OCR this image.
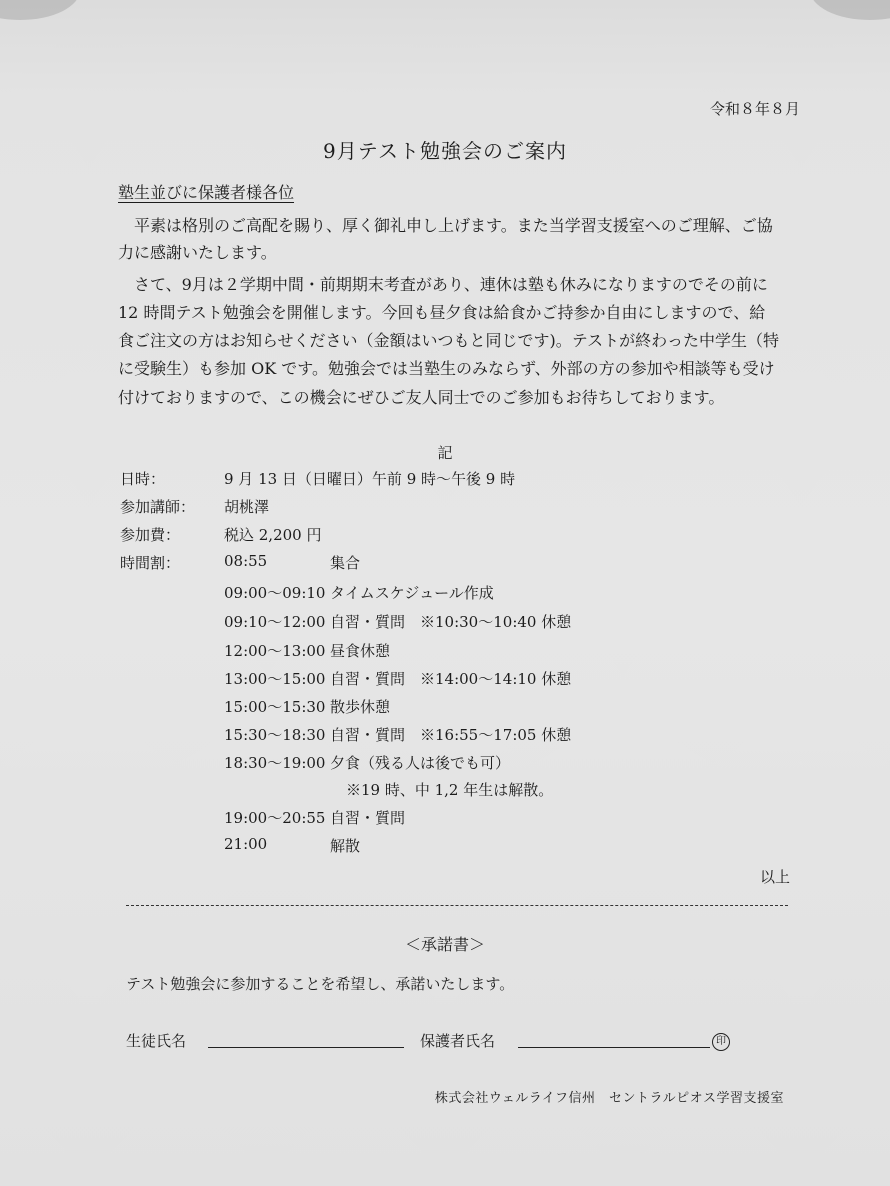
令和８年８月
9月テスト勉強会のご案内
塾生並びに保護者様各位
　平素は格別のご高配を賜り、厚く御礼申し上げます。また当学習支援室へのご理解、ご協
力に感謝いたします。
　さて、9月は２学期中間・前期期末考査があり、連休は塾も休みになりますのでその前に
12 時間テスト勉強会を開催します。今回も昼夕食は給食かご持参か自由にしますので、給
食ご注文の方はお知らせください（金額はいつもと同じです)。テストが終わった中学生（特
に受験生）も参加 OK です。勉強会では当塾生のみならず、外部の方の参加や相談等も受け
付けておりますので、この機会にぜひご友人同士でのご参加もお待ちしております。
記
日時：	9 月 13 日（日曜日）午前 9 時～午後 9 時
参加講師： 胡桃澤
参加費：	税込 2,200 円
時間割：	08:55	集合
09:00～09:10 タイムスケジュール作成
09:10～12:00 自習・質問　※10:30～10:40 休憩
12:00～13:00 昼食休憩
13:00～15:00 自習・質問　※14:00～14:10 休憩
15:00～15:30 散歩休憩
15:30～18:30 自習・質問　※16:55～17:05 休憩
18:30～19:00 夕食（残る人は後でも可）
※19 時、中 1,2 年生は解散。
19:00～20:55 自習・質問
21:00	解散
以上
＜承諾書＞
テスト勉強会に参加することを希望し、承諾いたします。
生徒氏名	保護者氏名	印
株式会社ウェルライフ信州　セントラルピオス学習支援室
